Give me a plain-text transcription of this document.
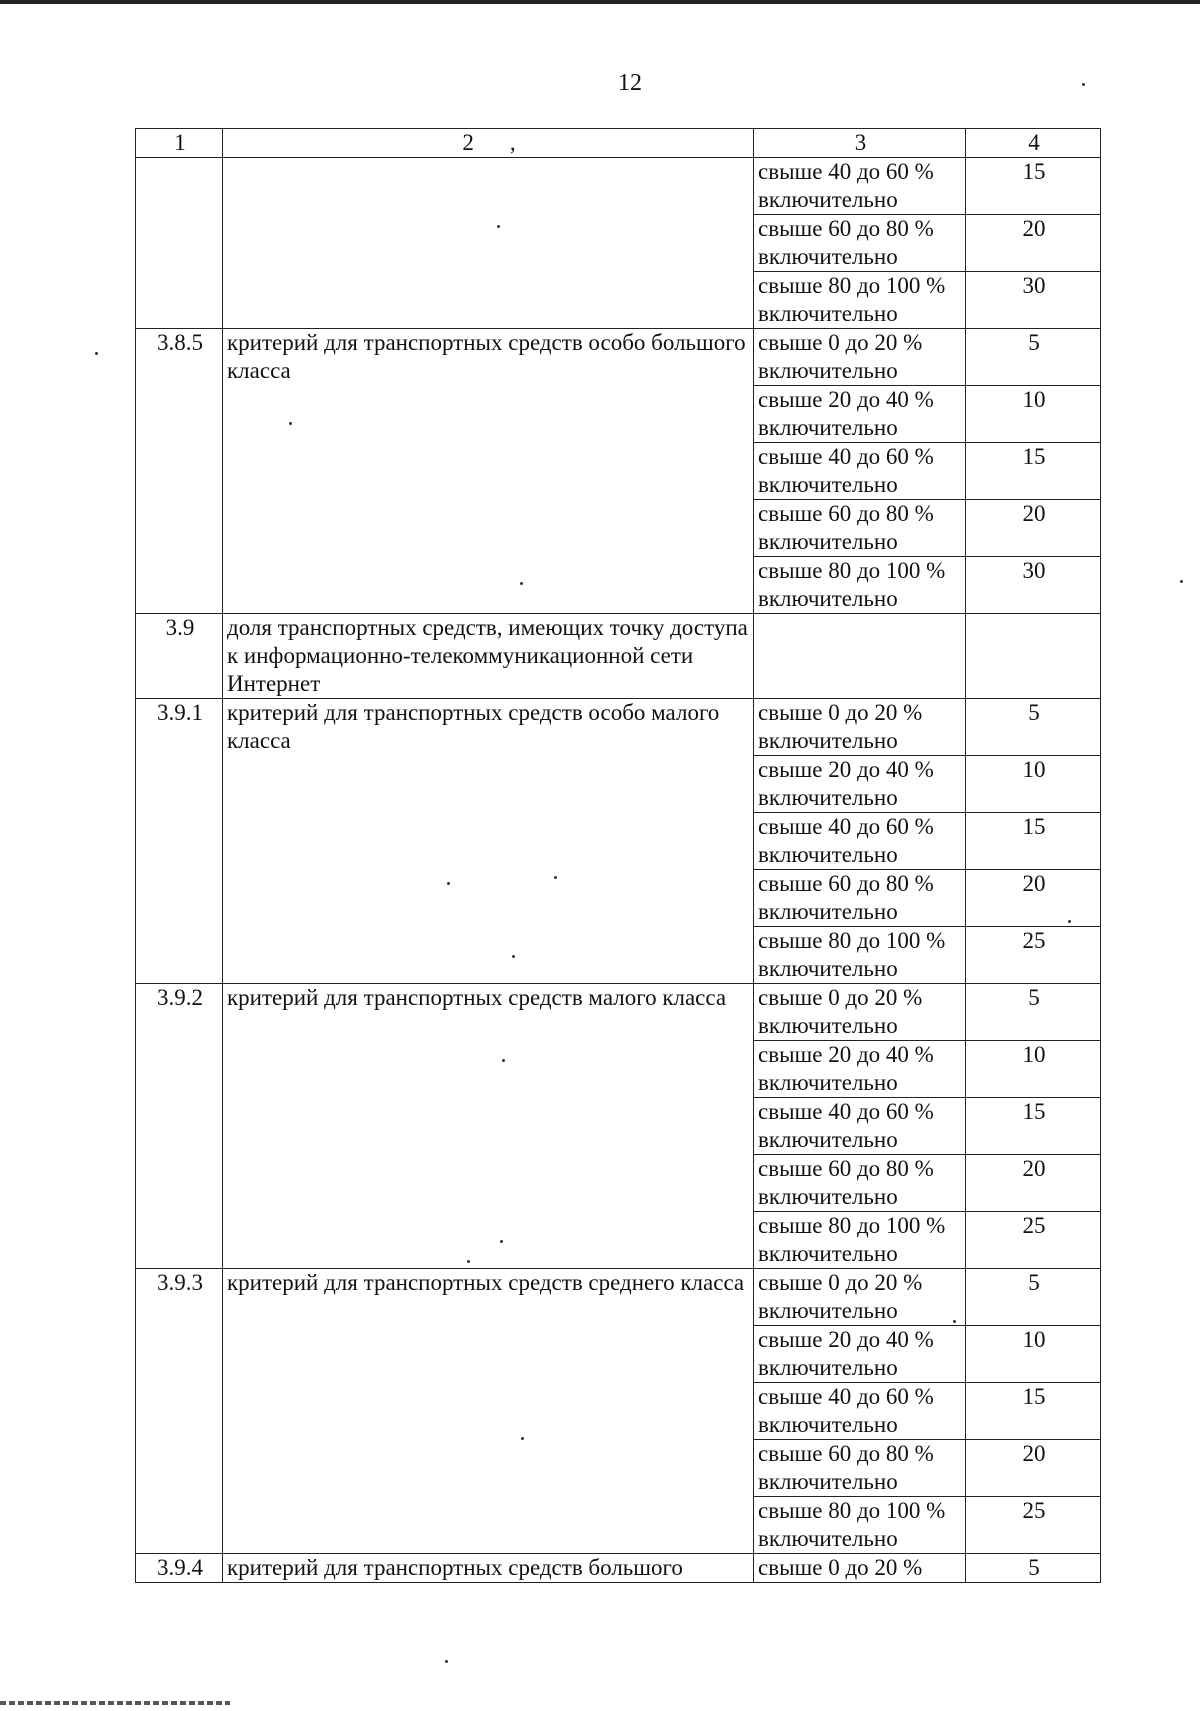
12
1	2 ,	3	4
		свыше 40 до 60 %
включительно	15
		свыше 60 до 80 %
включительно	20
		свыше 80 до 100 %
включительно	30
3.8.5	критерий для транспортных средств особо большого класса	свыше 0 до 20 %
включительно	5
		свыше 20 до 40 %
включительно	10
		свыше 40 до 60 %
включительно	15
		свыше 60 до 80 %
включительно	20
		свыше 80 до 100 %
включительно	30
3.9	доля транспортных средств, имеющих точку доступа к информационно-телекоммуникационной сети Интернет		
3.9.1	критерий для транспортных средств особо малого класса	свыше 0 до 20 %
включительно	5
		свыше 20 до 40 %
включительно	10
		свыше 40 до 60 %
включительно	15
		свыше 60 до 80 %
включительно	20
		свыше 80 до 100 %
включительно	25
3.9.2	критерий для транспортных средств малого класса	свыше 0 до 20 %
включительно	5
		свыше 20 до 40 %
включительно	10
		свыше 40 до 60 %
включительно	15
		свыше 60 до 80 %
включительно	20
		свыше 80 до 100 %
включительно	25
3.9.3	критерий для транспортных средств среднего класса	свыше 0 до 20 %
включительно	5
		свыше 20 до 40 %
включительно	10
		свыше 40 до 60 %
включительно	15
		свыше 60 до 80 %
включительно	20
		свыше 80 до 100 %
включительно	25
3.9.4	критерий для транспортных средств большого	свыше 0 до 20 %	5
